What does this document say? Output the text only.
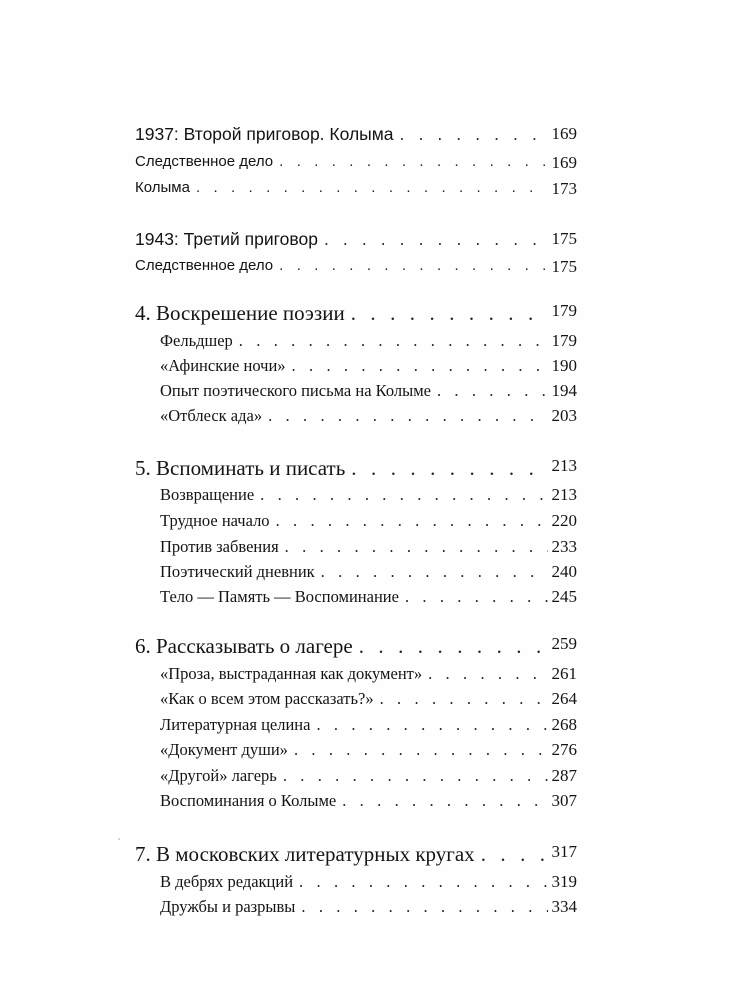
1937: Второй приговор. Колыма . . .	169
Следственное дело . . .	169
Колыма . . .	173
1943: Третий приговор . . .	175
Следственное дело . . .	175
4. Воскрешение поэзии . . .	179
Фельдшер . . .	179
«Афинские ночи» . . .	190
Опыт поэтического письма на Колыме . . .	194
«Отблеск ада» . . .	203
5. Вспоминать и писать . . .	213
Возвращение . . .	213
Трудное начало . . .	220
Против забвения . . .	233
Поэтический дневник . . .	240
Тело — Память — Воспоминание . . .	245
6. Рассказывать о лагере . . .	259
«Проза, выстраданная как документ» . . .	261
«Как о всем этом рассказать?» . . .	264
Литературная целина . . .	268
«Документ души» . . .	276
«Другой» лагерь . . .	287
Воспоминания о Колыме . . .	307
7. В московских литературных кругах . . .	317
В дебрях редакций . . .	319
Дружбы и разрывы . . .	334
